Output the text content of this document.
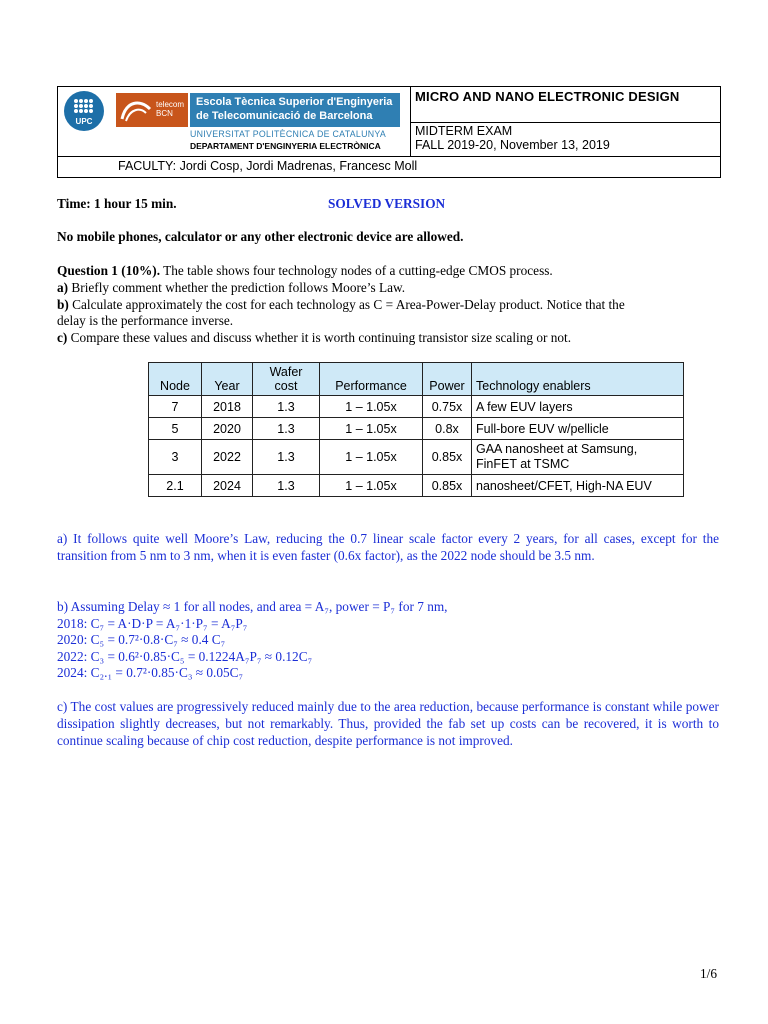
UPC
telecom BCN
Escola Tècnica Superior d'Enginyeria
de Telecomunicació de Barcelona
UNIVERSITAT POLITÈCNICA DE CATALUNYA
DEPARTAMENT D'ENGINYERIA ELECTRÒNICA
MICRO AND NANO ELECTRONIC DESIGN
MIDTERM EXAM
FALL 2019-20, November 13, 2019
FACULTY: Jordi Cosp, Jordi Madrenas, Francesc Moll
Time: 1 hour 15 min.	SOLVED VERSION
No mobile phones, calculator or any other electronic device are allowed.
Question 1 (10%). The table shows four technology nodes of a cutting-edge CMOS process.
a) Briefly comment whether the prediction follows Moore’s Law.
b) Calculate approximately the cost for each technology as C = Area-Power-Delay product. Notice that the
delay is the performance inverse.
c) Compare these values and discuss whether it is worth continuing transistor size scaling or not.
Node	Year	Wafer cost	Performance	Power	Technology enablers
7	2018	1.3	1 – 1.05x	0.75x	A few EUV layers
5	2020	1.3	1 – 1.05x	0.8x	Full-bore EUV w/pellicle
3	2022	1.3	1 – 1.05x	0.85x	GAA nanosheet at Samsung, FinFET at TSMC
2.1	2024	1.3	1 – 1.05x	0.85x	nanosheet/CFET, High-NA EUV
a) It follows quite well Moore’s Law, reducing the 0.7 linear scale factor every 2 years, for all cases, except for the transition from 5 nm to 3 nm, when it is even faster (0.6x factor), as the 2022 node should be 3.5 nm.
b) Assuming Delay ≈ 1 for all nodes, and area = A₇, power = P₇ for 7 nm,
2018: C₇ = A·D·P = A₇·1·P₇ = A₇P₇
2020: C₅ = 0.7²·0.8·C₇ ≈ 0.4 C₇
2022: C₃ = 0.6²·0.85·C₅ = 0.1224A₇P₇ ≈ 0.12C₇
2024: C₂.₁ = 0.7²·0.85·C₃ ≈ 0.05C₇
c) The cost values are progressively reduced mainly due to the area reduction, because performance is constant while power dissipation slightly decreases, but not remarkably. Thus, provided the fab set up costs can be recovered, it is worth to continue scaling because of chip cost reduction, despite performance is not improved.
1/6
